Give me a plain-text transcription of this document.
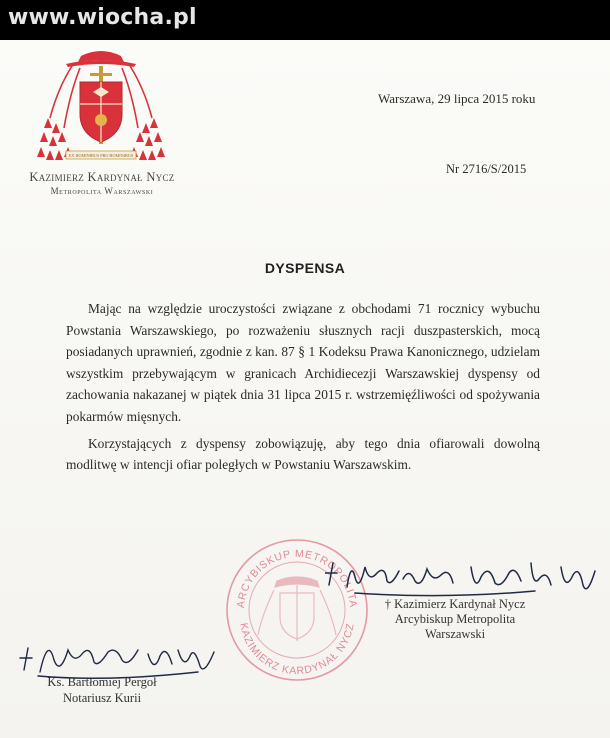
www.wiocha.pl
EX HOMINIBUS PRO HOMINIBUS
Kazimierz Kardynał Nycz
Metropolita Warszawski
Warszawa, 29 lipca 2015 roku
Nr 2716/S/2015
DYSPENSA

Mając na względzie uroczystości związane z obchodami 71 rocznicy wybuchu Powstania Warszawskiego, po rozważeniu słusznych racji duszpasterskich, mocą posiadanych uprawnień, zgodnie z kan. 87 § 1 Kodeksu Prawa Kanonicznego, udzielam wszystkim przebywającym w granicach Archidiecezji Warszawskiej dyspensy od zachowania nakazanej w piątek dnia 31 lipca 2015 r. wstrzemięźliwości od spożywania pokarmów mięsnych.

Korzystających z dyspensy zobowiązuję, aby tego dnia ofiarowali dowolną modlitwę w intencji ofiar poległych w Powstaniu Warszawskim.

ARCYBISKUP METROPOLITA
KAZIMIERZ KARDYNAŁ NYCZ
† Kazimierz Kardynał Nycz
Arcybiskup Metropolita
Warszawski
Ks. Bartłomiej Pergoł
Notariusz Kurii
